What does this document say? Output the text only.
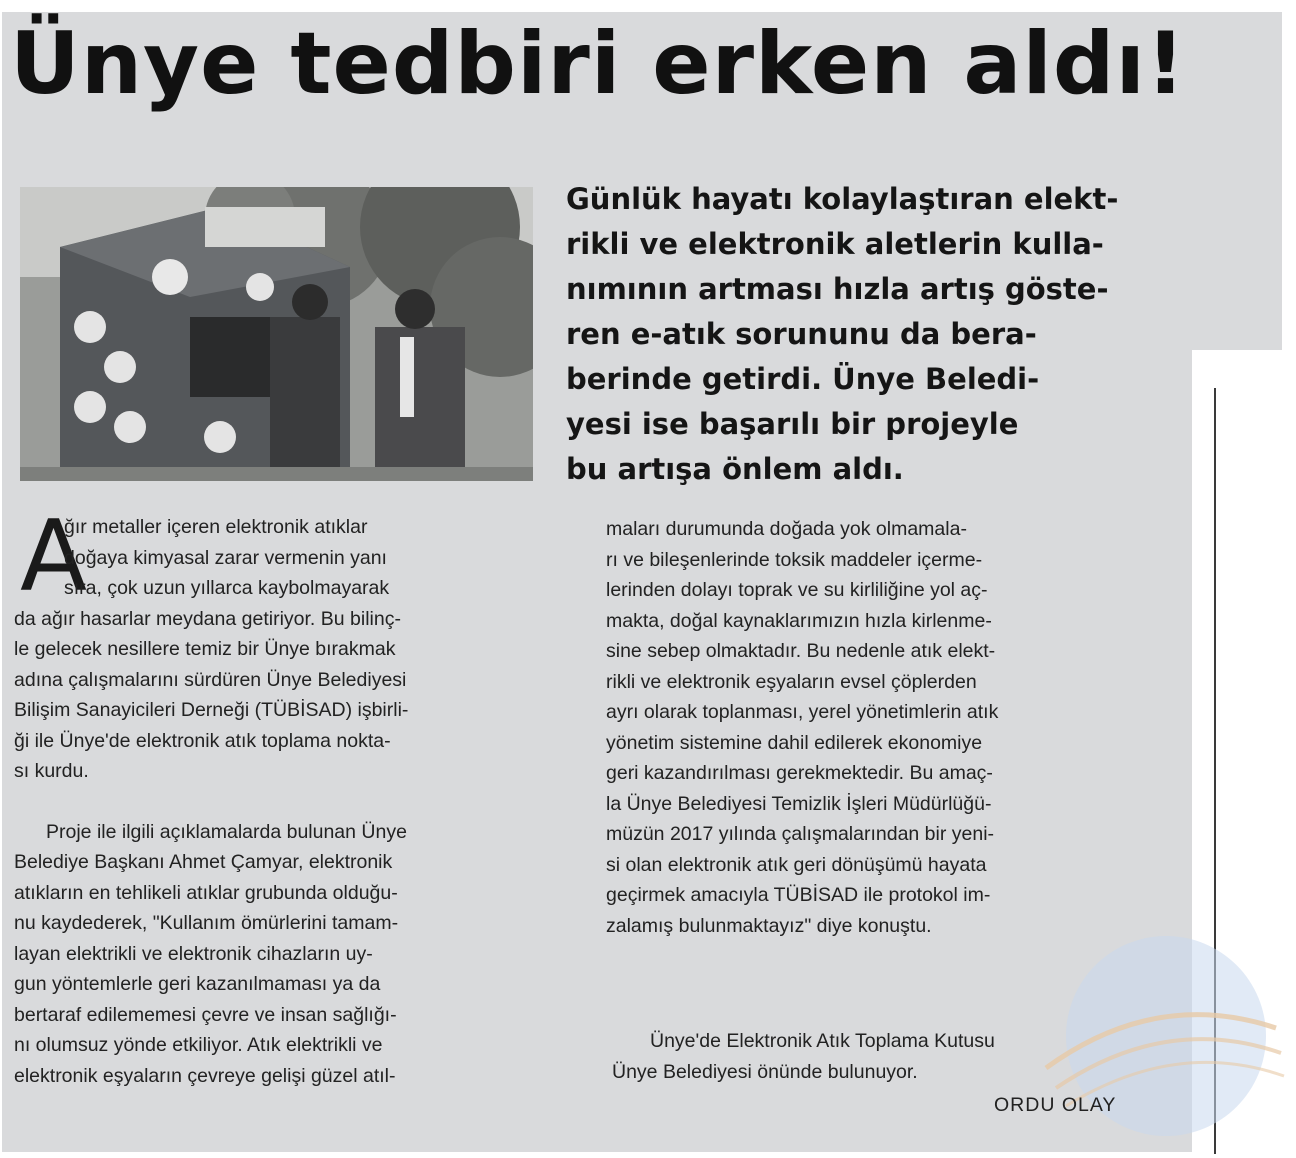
Ünye tedbiri erken aldı!
Günlük hayatı kolaylaştıran elekt-
rikli ve elektronik aletlerin kulla-
nımının artması hızla artış göste-
ren e-atık sorununu da bera-
berinde getirdi. Ünye Beledi-
yesi ise başarılı bir projeyle
bu artışa önlem aldı.
A
ğır metaller içeren elektronik atıklar
doğaya kimyasal zarar vermenin yanı
sıra, çok uzun yıllarca kaybolmayarak
da ağır hasarlar meydana getiriyor. Bu bilinç-
le gelecek nesillere temiz bir Ünye bırakmak
adına çalışmalarını sürdüren Ünye Belediyesi
Bilişim Sanayicileri Derneği (TÜBİSAD) işbirli-
ği ile Ünye'de elektronik atık toplama nokta-
sı kurdu.
Proje ile ilgili açıklamalarda bulunan Ünye
Belediye Başkanı Ahmet Çamyar, elektronik
atıkların en tehlikeli atıklar grubunda olduğu-
nu kaydederek, "Kullanım ömürlerini tamam-
layan elektrikli ve elektronik cihazların uy-
gun yöntemlerle geri kazanılmaması ya da
bertaraf edilememesi çevre ve insan sağlığı-
nı olumsuz yönde etkiliyor. Atık elektrikli ve
elektronik eşyaların çevreye gelişi güzel atıl-
maları durumunda doğada yok olmamala-
rı ve bileşenlerinde toksik maddeler içerme-
lerinden dolayı toprak ve su kirliliğine yol aç-
makta, doğal kaynaklarımızın hızla kirlenme-
sine sebep olmaktadır. Bu nedenle atık elekt-
rikli ve elektronik eşyaların evsel çöplerden
ayrı olarak toplanması, yerel yönetimlerin atık
yönetim sistemine dahil edilerek ekonomiye
geri kazandırılması gerekmektedir. Bu amaç-
la Ünye Belediyesi Temizlik İşleri Müdürlüğü-
müzün 2017 yılında çalışmalarından bir yeni-
si olan elektronik atık geri dönüşümü hayata
geçirmek amacıyla TÜBİSAD ile protokol im-
zalamış bulunmaktayız" diye konuştu.
Ünye'de Elektronik Atık Toplama Kutusu
Ünye Belediyesi önünde bulunuyor.
ORDU OLAY
